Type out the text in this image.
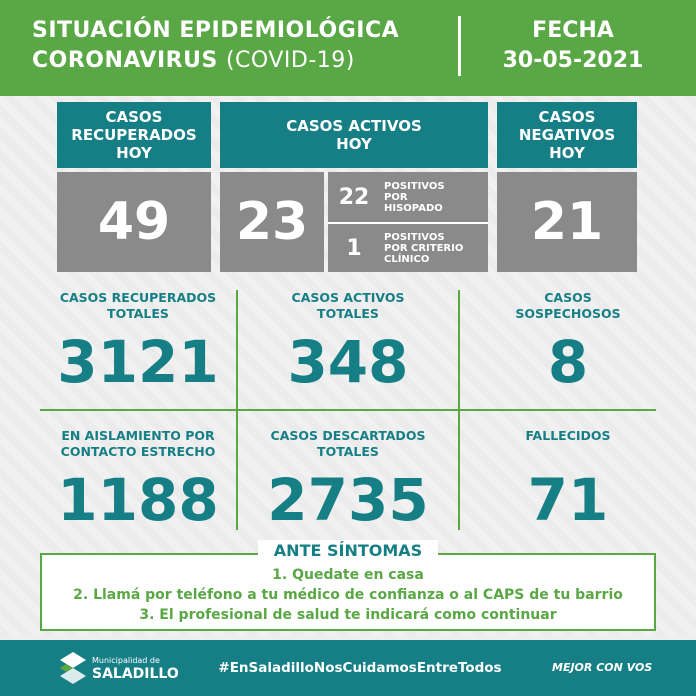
SITUACIÓN EPIDEMIOLÓGICA
CORONAVIRUS (COVID-19)
FECHA
30-05-2021
CASOS
RECUPERADOS
HOY
49
CASOS ACTIVOS
HOY
23 22	POSITIVOS
POR
HISOPADO
1	POSITIVOS
POR CRITERIO
CLÍNICO
CASOS
NEGATIVOS
HOY
21
CASOS RECUPERADOS
TOTALES
3121
CASOS ACTIVOS
TOTALES
348
CASOS
SOSPECHOSOS
8
EN AISLAMIENTO POR
CONTACTO ESTRECHO
1188
CASOS DESCARTADOS
TOTALES
2735
FALLECIDOS
71
ANTE SÍNTOMAS
1. Quedate en casa
2. Llamá por teléfono a tu médico de confianza o al CAPS de tu barrio
3. El profesional de salud te indicará como continuar
Municipalidad de
SALADILLO	#EnSaladilloNosCuidamosEntreTodos	MEJOR CON VOS
